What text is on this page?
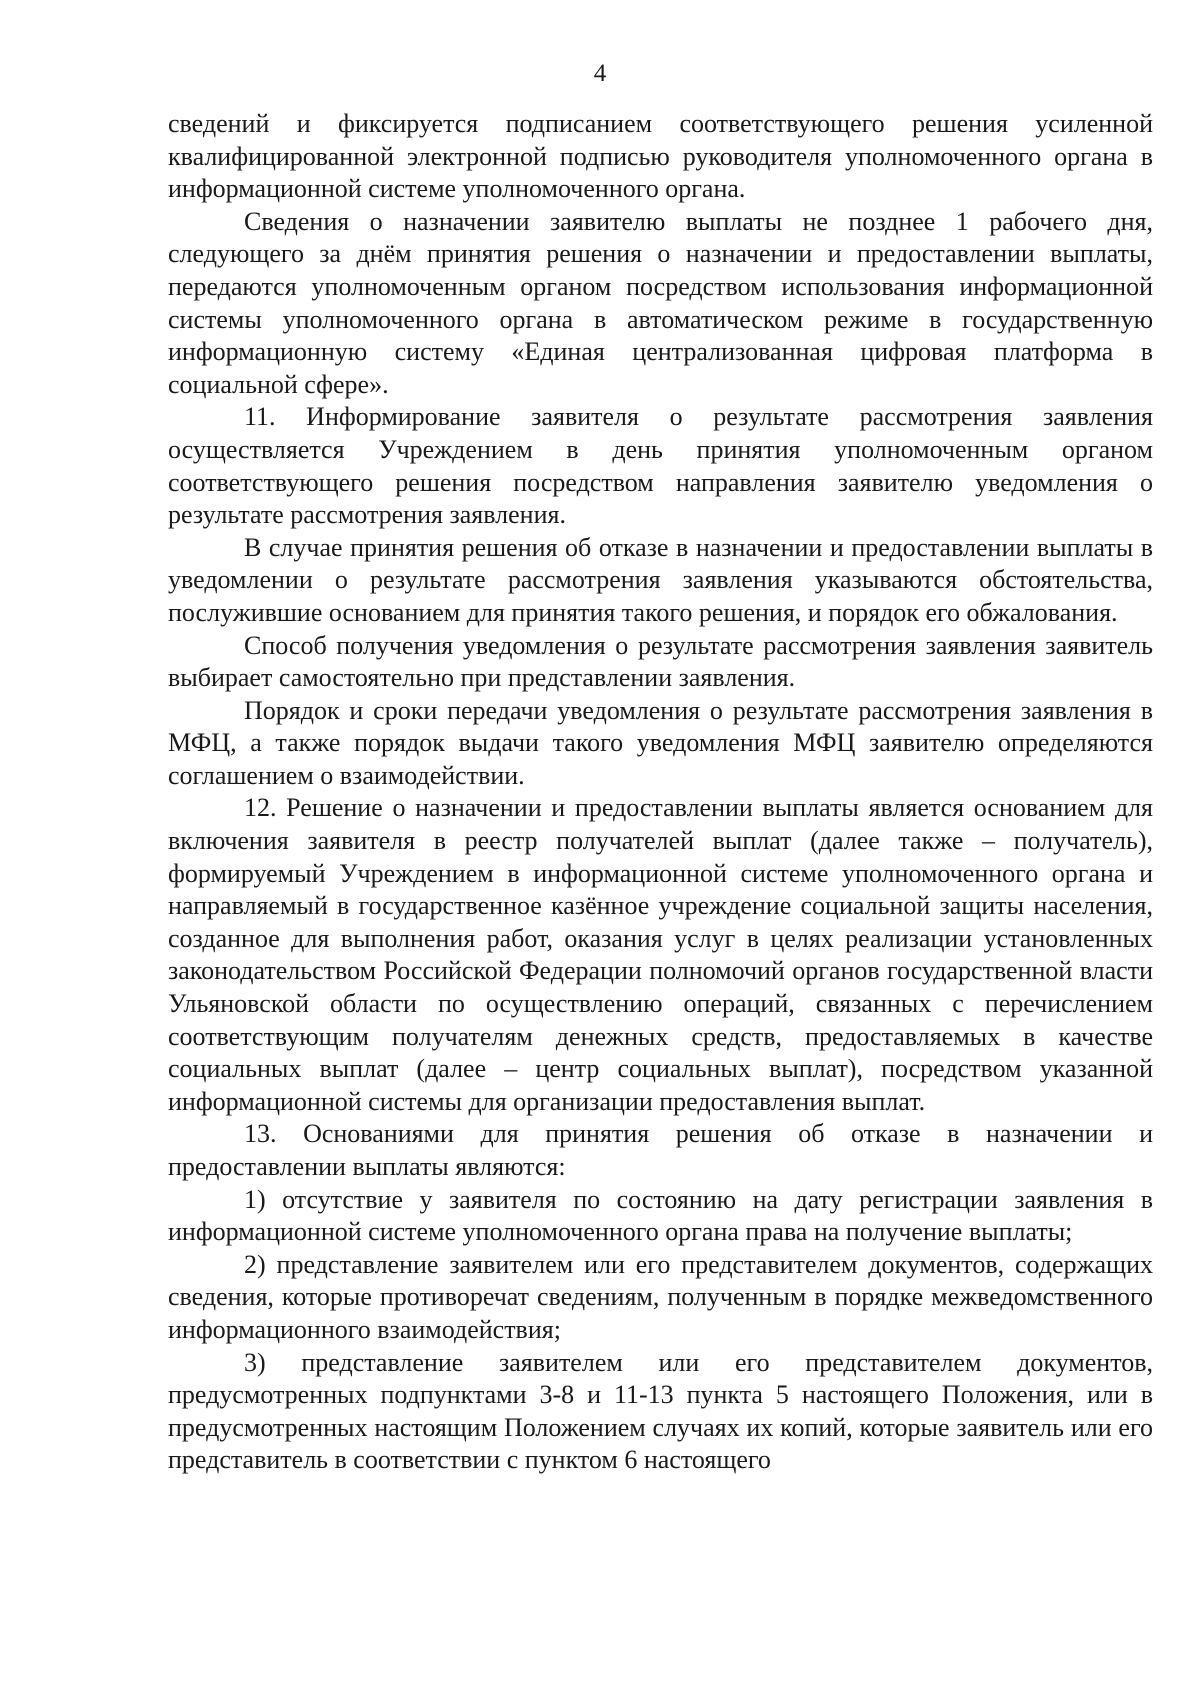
4

сведений и фиксируется подписанием соответствующего решения усиленной квалифицированной электронной подписью руководителя уполномоченного органа в информационной системе уполномоченного органа.

Сведения о назначении заявителю выплаты не позднее 1 рабочего дня, следующего за днём принятия решения о назначении и предоставлении выплаты, передаются уполномоченным органом посредством использования информационной системы уполномоченного органа в автоматическом режиме в государственную информационную систему «Единая централизованная цифровая платформа в социальной сфере».

11. Информирование заявителя о результате рассмотрения заявления осуществляется Учреждением в день принятия уполномоченным органом соответствующего решения посредством направления заявителю уведомления о результате рассмотрения заявления.

В случае принятия решения об отказе в назначении и предоставлении выплаты в уведомлении о результате рассмотрения заявления указываются обстоятельства, послужившие основанием для принятия такого решения, и порядок его обжалования.

Способ получения уведомления о результате рассмотрения заявления заявитель выбирает самостоятельно при представлении заявления.

Порядок и сроки передачи уведомления о результате рассмотрения заявления в МФЦ, а также порядок выдачи такого уведомления МФЦ заявителю определяются соглашением о взаимодействии.

12. Решение о назначении и предоставлении выплаты является основанием для включения заявителя в реестр получателей выплат (далее также – получатель), формируемый Учреждением в информационной системе уполномоченного органа и направляемый в государственное казённое учреждение социальной защиты населения, созданное для выполнения работ, оказания услуг в целях реализации установленных законодательством Российской Федерации полномочий органов государственной власти Ульяновской области по осуществлению операций, связанных с перечислением соответствующим получателям денежных средств, предоставляемых в качестве социальных выплат (далее – центр социальных выплат), посредством указанной информационной системы для организации предоставления выплат.

13. Основаниями для принятия решения об отказе в назначении и предоставлении выплаты являются:

1) отсутствие у заявителя по состоянию на дату регистрации заявления в информационной системе уполномоченного органа права на получение выплаты;

2) представление заявителем или его представителем документов, содержащих сведения, которые противоречат сведениям, полученным в порядке межведомственного информационного взаимодействия;

3) представление заявителем или его представителем документов, предусмотренных подпунктами 3-8 и 11-13 пункта 5 настоящего Положения, или в предусмотренных настоящим Положением случаях их копий, которые заявитель или его представитель в соответствии с пунктом 6 настоящего
